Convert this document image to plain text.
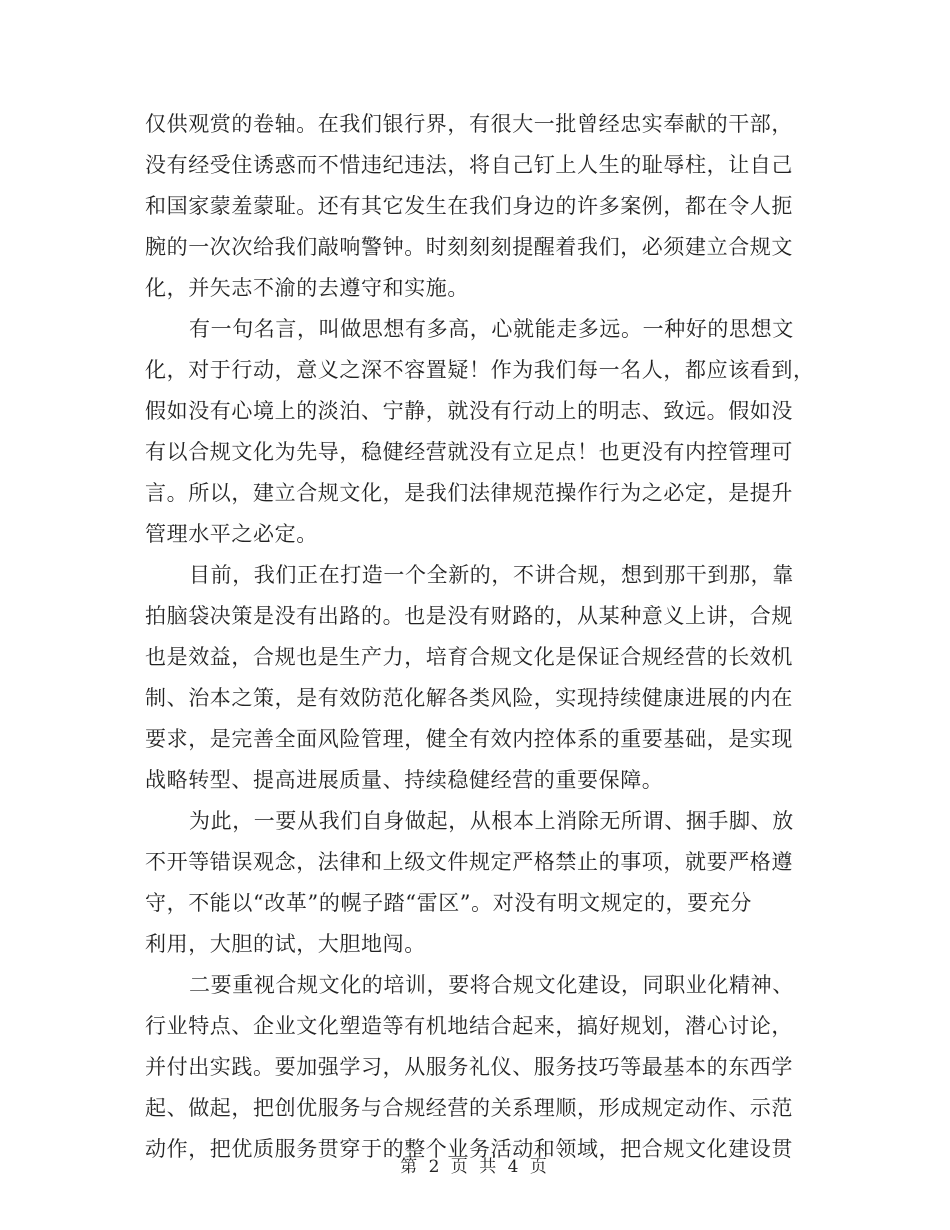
仅供观赏的卷轴。在我们银行界，有很大一批曾经忠实奉献的干部，
没有经受住诱惑而不惜违纪违法，将自己钉上人生的耻辱柱，让自己
和国家蒙羞蒙耻。还有其它发生在我们身边的许多案例，都在令人扼
腕的一次次给我们敲响警钟。时刻刻刻提醒着我们，必须建立合规文
化，并矢志不渝的去遵守和实施。
有一句名言，叫做思想有多高，心就能走多远。一种好的思想文
化，对于行动，意义之深不容置疑！作为我们每一名人，都应该看到，
假如没有心境上的淡泊、宁静，就没有行动上的明志、致远。假如没
有以合规文化为先导，稳健经营就没有立足点！也更没有内控管理可
言。所以，建立合规文化，是我们法律规范操作行为之必定，是提升
管理水平之必定。
目前，我们正在打造一个全新的，不讲合规，想到那干到那，靠
拍脑袋决策是没有出路的。也是没有财路的，从某种意义上讲，合规
也是效益，合规也是生产力，培育合规文化是保证合规经营的长效机
制、治本之策，是有效防范化解各类风险，实现持续健康进展的内在
要求，是完善全面风险管理，健全有效内控体系的重要基础，是实现
战略转型、提高进展质量、持续稳健经营的重要保障。
为此，一要从我们自身做起，从根本上消除无所谓、捆手脚、放
不开等错误观念，法律和上级文件规定严格禁止的事项，就要严格遵
守，不能以“改革”的幌子踏“雷区”。对没有明文规定的，要充分
利用，大胆的试，大胆地闯。
二要重视合规文化的培训，要将合规文化建设，同职业化精神、
行业特点、企业文化塑造等有机地结合起来，搞好规划，潜心讨论，
并付出实践。要加强学习，从服务礼仪、服务技巧等最基本的东西学
起、做起，把创优服务与合规经营的关系理顺，形成规定动作、示范
动作，把优质服务贯穿于的整个业务活动和领域，把合规文化建设贯
第 2 页 共 4 页
